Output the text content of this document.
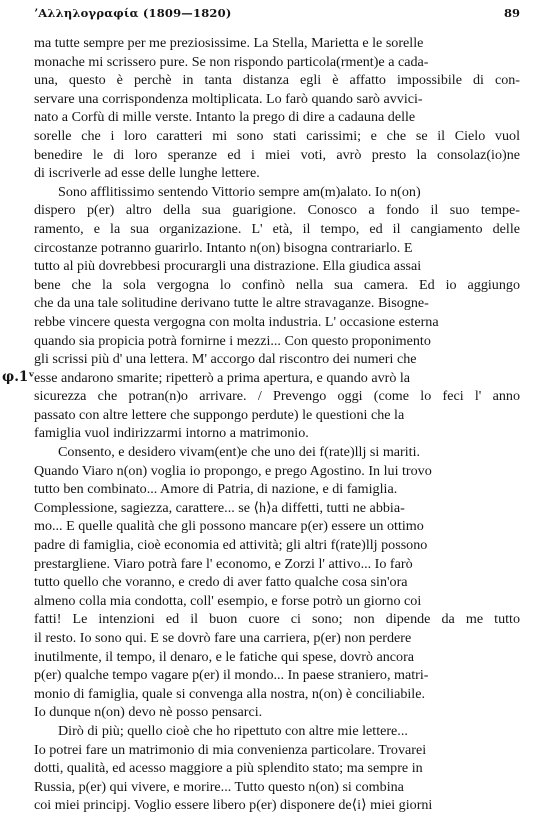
ʼΑλληλογραφία (1809—1820)	89
φ.1ᵛ
ma tutte sempre per me preziosissime. La Stella, Marietta e le sorelle
monache mi scrissero pure. Se non rispondo particola(rment)e a cada-
una, questo è perchè in tanta distanza egli è affatto impossibile di con-
servare una corrispondenza moltiplicata. Lo farò quando sarò avvici-
nato a Corfù di mille verste. Intanto la prego di dire a cadauna delle
sorelle che i loro caratteri mi sono stati carissimi; e che se il Cielo vuol
benedire le di loro speranze ed i miei voti, avrò presto la consolaz(io)ne
di iscriverle ad esse delle lunghe lettere.
Sono afflitissimo sentendo Vittorio sempre am(m)alato. Io n(on)
dispero p(er) altro della sua guarigione. Conosco a fondo il suo tempe-
ramento, e la sua organizazione. L' età, il tempo, ed il cangiamento delle
circostanze potranno guarirlo. Intanto n(on) bisogna contrariarlo. E
tutto al più dovrebbesi procurargli una distrazione. Ella giudica assai
bene che la sola vergogna lo confinò nella sua camera. Ed io aggiungo
che da una tale solitudine derivano tutte le altre stravaganze. Bisogne-
rebbe vincere questa vergogna con molta industria. L' occasione esterna
quando sia propicia potrà fornirne i mezzi... Con questo proponimento
gli scrissi più d' una lettera. M' accorgo dal riscontro dei numeri che
esse andarono smarite; ripetterò a prima apertura, e quando avrò la
sicurezza che potran(n)o arrivare. / Prevengo oggi (come lo feci l' anno
passato con altre lettere che suppongo perdute) le questioni che la
famiglia vuol indirizzarmi intorno a matrimonio.
Consento, e desidero vivam(ent)e che uno dei f(rate)llj si mariti.
Quando Viaro n(on) voglia io propongo, e prego Agostino. In lui trovo
tutto ben combinato... Amore di Patria, di nazione, e di famiglia.
Complessione, sagiezza, carattere... se ⟨h⟩a diffetti, tutti ne abbia-
mo... E quelle qualità che gli possono mancare p(er) essere un ottimo
padre di famiglia, cioè economia ed attività; gli altri f(rate)llj possono
prestargliene. Viaro potrà fare l' economo, e Zorzi l' attivo... Io farò
tutto quello che voranno, e credo di aver fatto qualche cosa sin'ora
almeno colla mia condotta, coll' esempio, e forse potrò un giorno coi
fatti! Le intenzioni ed il buon cuore ci sono; non dipende da me tutto
il resto. Io sono qui. E se dovrò fare una carriera, p(er) non perdere
inutilmente, il tempo, il denaro, e le fatiche qui spese, dovrò ancora
p(er) qualche tempo vagare p(er) il mondo... In paese straniero, matri-
monio di famiglia, quale si convenga alla nostra, n(on) è conciliabile.
Io dunque n(on) devo nè posso pensarci.
Dirò di più; quello cioè che ho ripettuto con altre mie lettere...
Io potrei fare un matrimonio di mia convenienza particolare. Trovarei
dotti, qualità, ed acesso maggiore a più splendito stato; ma sempre in
Russia, p(er) qui vivere, e morire... Tutto questo n(on) si combina
coi miei principj. Voglio essere libero p(er) disponere de⟨i⟩ miei giorni
